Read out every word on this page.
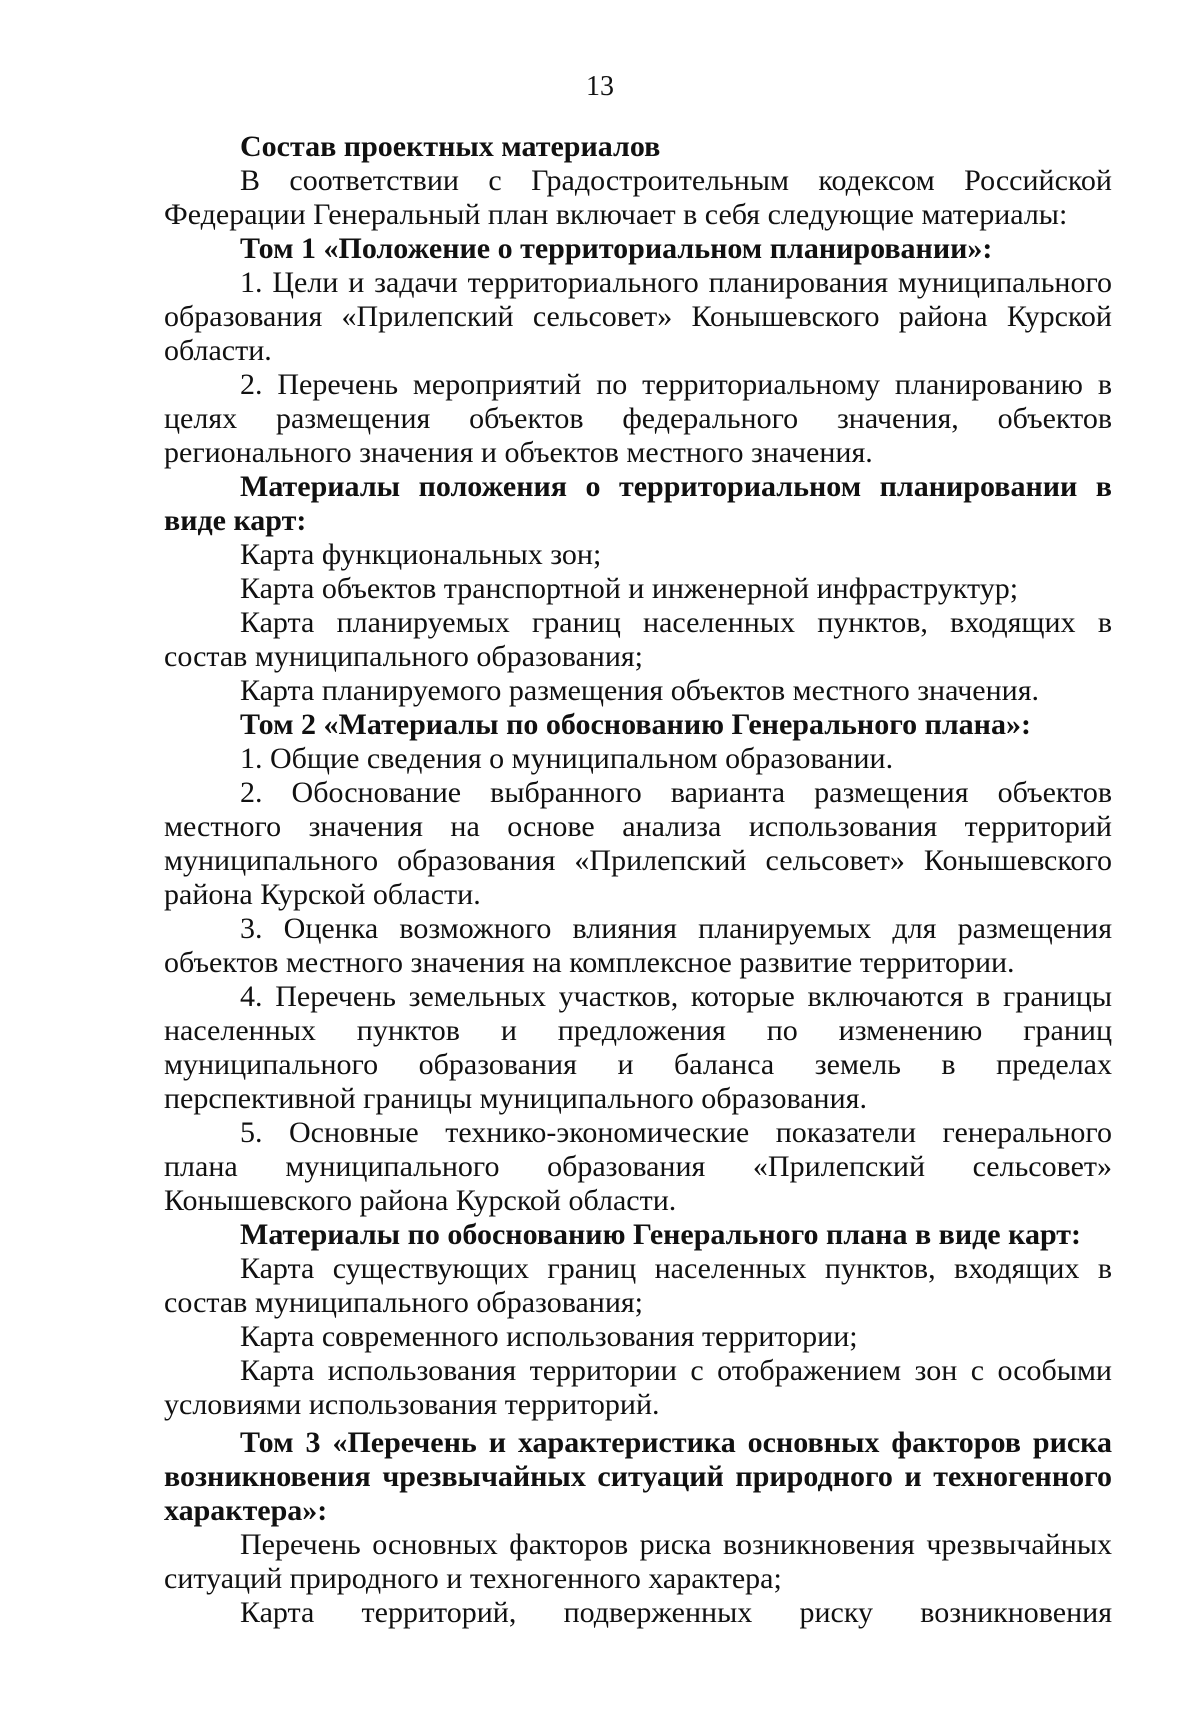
13

Состав проектных материалов

В соответствии с Градостроительным кодексом Российской Федерации Генеральный план включает в себя следующие материалы:

Том 1 «Положение о территориальном планировании»:

1. Цели и задачи территориального планирования муниципального образования «Прилепский сельсовет» Конышевского района Курской области.

2. Перечень мероприятий по территориальному планированию в целях размещения объектов федерального значения, объектов регионального значения и объектов местного значения.

Материалы положения о территориальном планировании в виде карт:

Карта функциональных зон;

Карта объектов транспортной и инженерной инфраструктур;

Карта планируемых границ населенных пунктов, входящих в состав муниципального образования;

Карта планируемого размещения объектов местного значения.

Том 2 «Материалы по обоснованию Генерального плана»:

1. Общие сведения о муниципальном образовании.

2. Обоснование выбранного варианта размещения объектов местного значения на основе анализа использования территорий муниципального образования «Прилепский сельсовет» Конышевского района Курской области.

3. Оценка возможного влияния планируемых для размещения объектов местного значения на комплексное развитие территории.

4. Перечень земельных участков, которые включаются в границы населенных пунктов и предложения по изменению границ муниципального образования и баланса земель в пределах перспективной границы муниципального образования.

5. Основные технико-экономические показатели генерального плана муниципального образования «Прилепский сельсовет» Конышевского района Курской области.

Материалы по обоснованию Генерального плана в виде карт:

Карта существующих границ населенных пунктов, входящих в состав муниципального образования;

Карта современного использования территории;

Карта использования территории с отображением зон с особыми условиями использования территорий.

Том 3 «Перечень и характеристика основных факторов риска возникновения чрезвычайных ситуаций природного и техногенного характера»:

Перечень основных факторов риска возникновения чрезвычайных ситуаций природного и техногенного характера;

Карта территорий, подверженных риску возникновения
